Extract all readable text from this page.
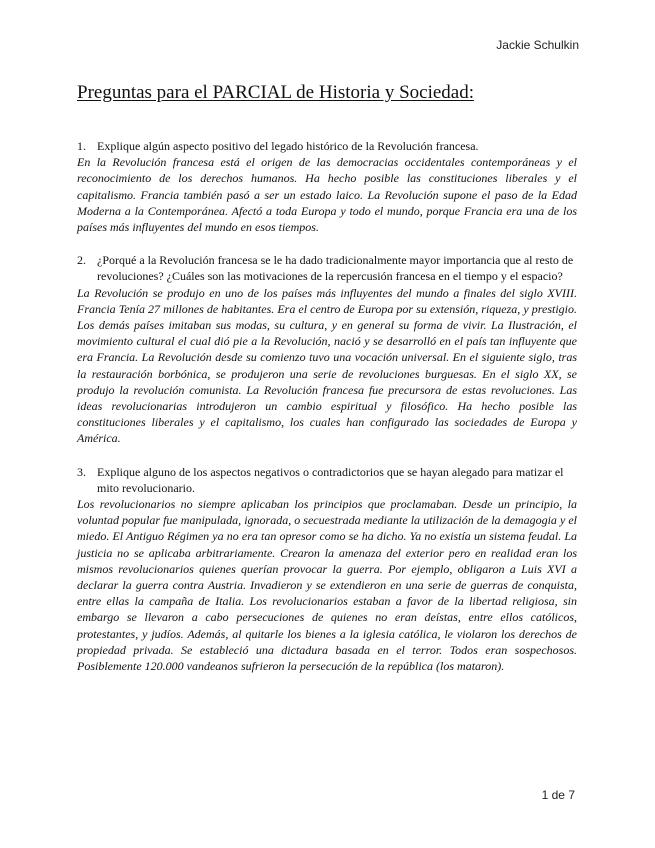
Jackie Schulkin
Preguntas para el PARCIAL de Historia y Sociedad:
1. Explique algún aspecto positivo del legado histórico de la Revolución francesa.

En la Revolución francesa está el origen de las democracias occidentales contemporáneas y el reconocimiento de los derechos humanos. Ha hecho posible las constituciones liberales y el capitalismo. Francia también pasó a ser un estado laico. La Revolución supone el paso de la Edad Moderna a la Contemporánea. Afectó a toda Europa y todo el mundo, porque Francia era una de los países más influyentes del mundo en esos tiempos.

2. ¿Porqué a la Revolución francesa se le ha dado tradicionalmente mayor importancia que al resto de revoluciones? ¿Cuáles son las motivaciones de la repercusión francesa en el tiempo y el espacio?

La Revolución se produjo en uno de los países más influyentes del mundo a finales del siglo XVIII. Francia Tenía 27 millones de habitantes. Era el centro de Europa por su extensión, riqueza, y prestigio. Los demás países imitaban sus modas, su cultura, y en general su forma de vivir. La Ilustración, el movimiento cultural el cual dió pie a la Revolución, nació y se desarrolló en el país tan influyente que era Francia. La Revolución desde su comienzo tuvo una vocación universal. En el siguiente siglo, tras la restauración borbónica, se produjeron una serie de revoluciones burguesas. En el siglo XX, se produjo la revolución comunista. La Revolución francesa fue precursora de estas revoluciones. Las ideas revolucionarias introdujeron un cambio espiritual y filosófico. Ha hecho posible las constituciones liberales y el capitalismo, los cuales han configurado las sociedades de Europa y América.

3. Explique alguno de los aspectos negativos o contradictorios que se hayan alegado para matizar el mito revolucionario.

Los revolucionarios no siempre aplicaban los principios que proclamaban. Desde un principio, la voluntad popular fue manipulada, ignorada, o secuestrada mediante la utilización de la demagogia y el miedo. El Antiguo Régimen ya no era tan opresor como se ha dicho. Ya no existía un sistema feudal. La justicia no se aplicaba arbitrariamente. Crearon la amenaza del exterior pero en realidad eran los mismos revolucionarios quienes querían provocar la guerra. Por ejemplo, obligaron a Luis XVI a declarar la guerra contra Austria. Invadieron y se extendieron en una serie de guerras de conquista, entre ellas la campaña de Italia. Los revolucionarios estaban a favor de la libertad religiosa, sin embargo se llevaron a cabo persecuciones de quienes no eran deístas, entre ellos católicos, protestantes, y judíos. Además, al quitarle los bienes a la iglesia católica, le violaron los derechos de propiedad privada. Se estableció una dictadura basada en el terror. Todos eran sospechosos. Posiblemente 120.000 vandeanos sufrieron la persecución de la república (los mataron).

1 de 7
